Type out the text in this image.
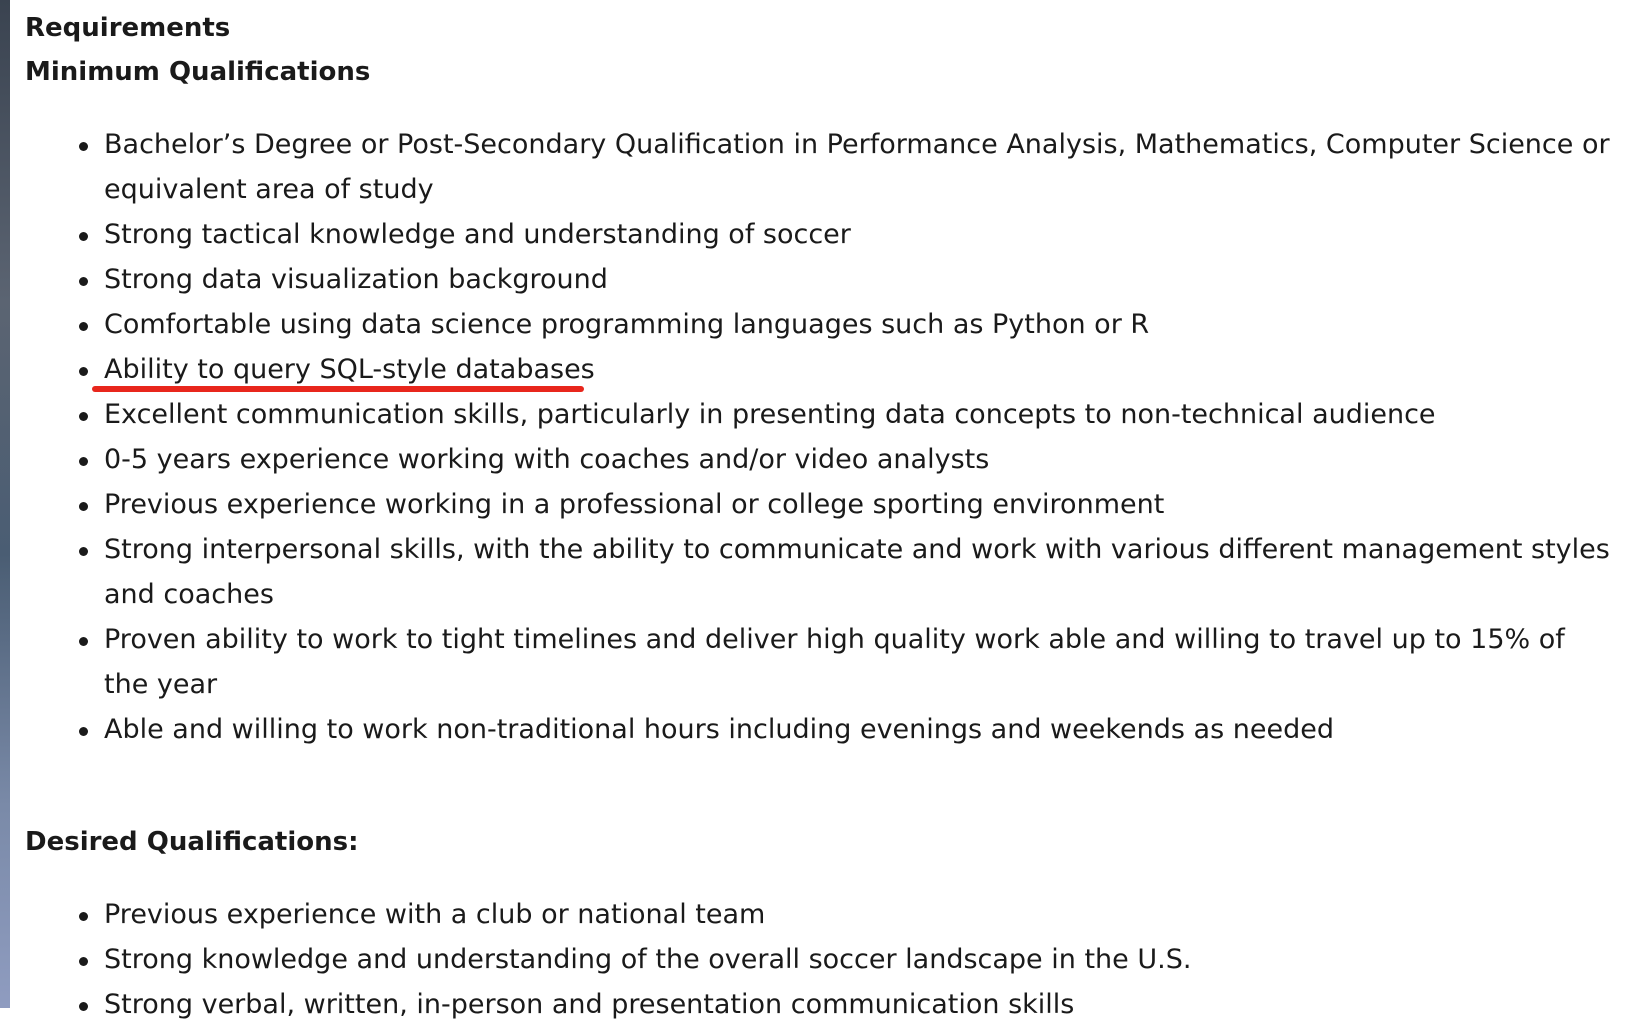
Requirements
Minimum Qualifications
Bachelor’s Degree or Post-Secondary Qualification in Performance Analysis, Mathematics, Computer Science or equivalent area of study
Strong tactical knowledge and understanding of soccer
Strong data visualization background
Comfortable using data science programming languages such as Python or R
Ability to query SQL-style databases
Excellent communication skills, particularly in presenting data concepts to non-technical audience
0-5 years experience working with coaches and/or video analysts
Previous experience working in a professional or college sporting environment
Strong interpersonal skills, with the ability to communicate and work with various different management styles and coaches
Proven ability to work to tight timelines and deliver high quality work able and willing to travel up to 15% of the year
Able and willing to work non-traditional hours including evenings and weekends as needed
Desired Qualifications:
Previous experience with a club or national team
Strong knowledge and understanding of the overall soccer landscape in the U.S.
Strong verbal, written, in-person and presentation communication skills
